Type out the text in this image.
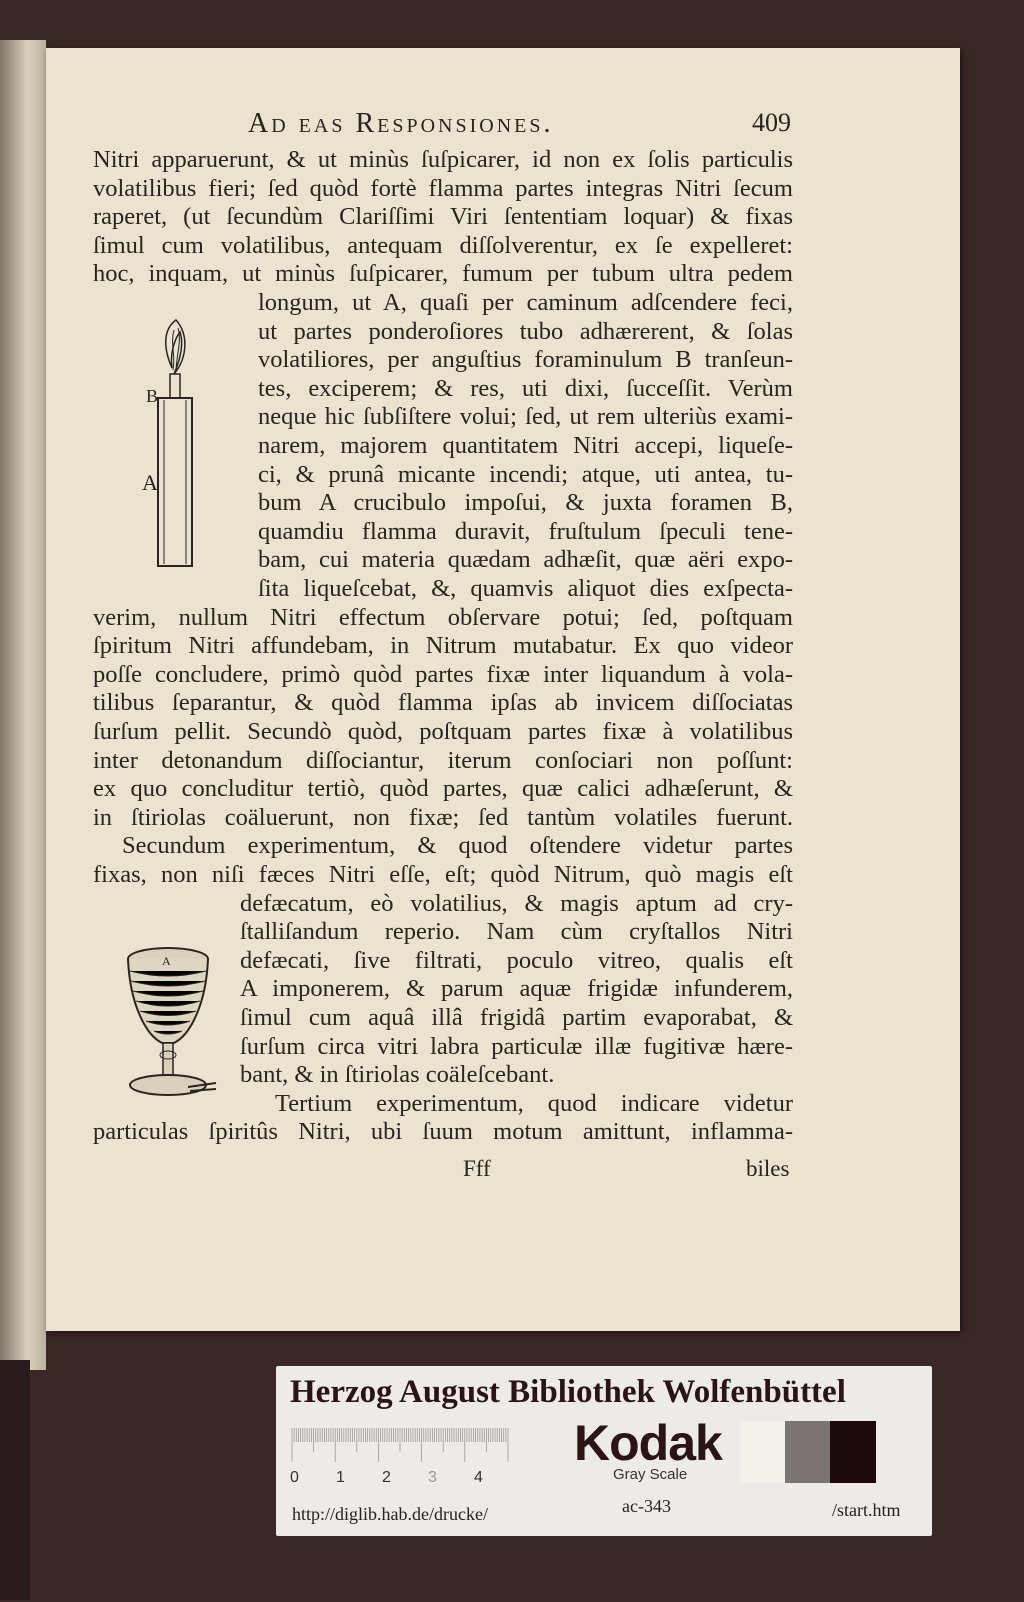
Ad eas Responsiones.	409
Nitri apparuerunt, & ut minùs ſuſpicarer, id non ex ſolis particulis
volatilibus fieri; ſed quòd fortè flamma partes integras Nitri ſecum
raperet, (ut ſecundùm Clariſſimi Viri ſententiam loquar) & fixas
ſimul cum volatilibus, antequam diſſolverentur, ex ſe expelleret:
hoc, inquam, ut minùs ſuſpicarer, fumum per tubum ultra pedem
longum, ut A, quaſi per caminum adſcendere feci,
ut partes ponderoſiores tubo adhærerent, & ſolas
volatiliores, per anguſtius foraminulum B tranſeun-
tes, exciperem; & res, uti dixi, ſucceſſit. Verùm
neque hic ſubſiſtere volui; ſed, ut rem ulteriùs exami-
narem, majorem quantitatem Nitri accepi, liqueſe-
ci, & prunâ micante incendi; atque, uti antea, tu-
bum A crucibulo impoſui, & juxta foramen B,
quamdiu flamma duravit, fruſtulum ſpeculi tene-
bam, cui materia quædam adhæſit, quæ aëri expo-
ſita liqueſcebat, &, quamvis aliquot dies exſpecta-
verim, nullum Nitri effectum obſervare potui; ſed, poſtquam
ſpiritum Nitri affundebam, in Nitrum mutabatur. Ex quo videor
poſſe concludere, primò quòd partes fixæ inter liquandum à vola-
tilibus ſeparantur, & quòd flamma ipſas ab invicem diſſociatas
ſurſum pellit. Secundò quòd, poſtquam partes fixæ à volatilibus
inter detonandum diſſociantur, iterum conſociari non poſſunt:
ex quo concluditur tertiò, quòd partes, quæ calici adhæſerunt, &
in ſtiriolas coäluerunt, non fixæ; ſed tantùm volatiles fuerunt.
Secundum experimentum, & quod oſtendere videtur partes
fixas, non niſi fæces Nitri eſſe, eſt; quòd Nitrum, quò magis eſt
defæcatum, eò volatilius, & magis aptum ad cry-
ſtalliſandum reperio. Nam cùm cryſtallos Nitri
defæcati, ſive filtrati, poculo vitreo, qualis eſt
A imponerem, & parum aquæ frigidæ infunderem,
ſimul cum aquâ illâ frigidâ partim evaporabat, &
ſurſum circa vitri labra particulæ illæ fugitivæ hære-
bant, & in ſtiriolas coäleſcebant.
Tertium experimentum, quod indicare videtur
particulas ſpiritûs Nitri, ubi ſuum motum amittunt, inflamma-
B
A
A
Fff	biles
Herzog August Bibliothek Wolfenbüttel
0 1 2 3 4
Kodak
Gray Scale
http://diglib.hab.de/drucke/	ac-343	/start.htm
